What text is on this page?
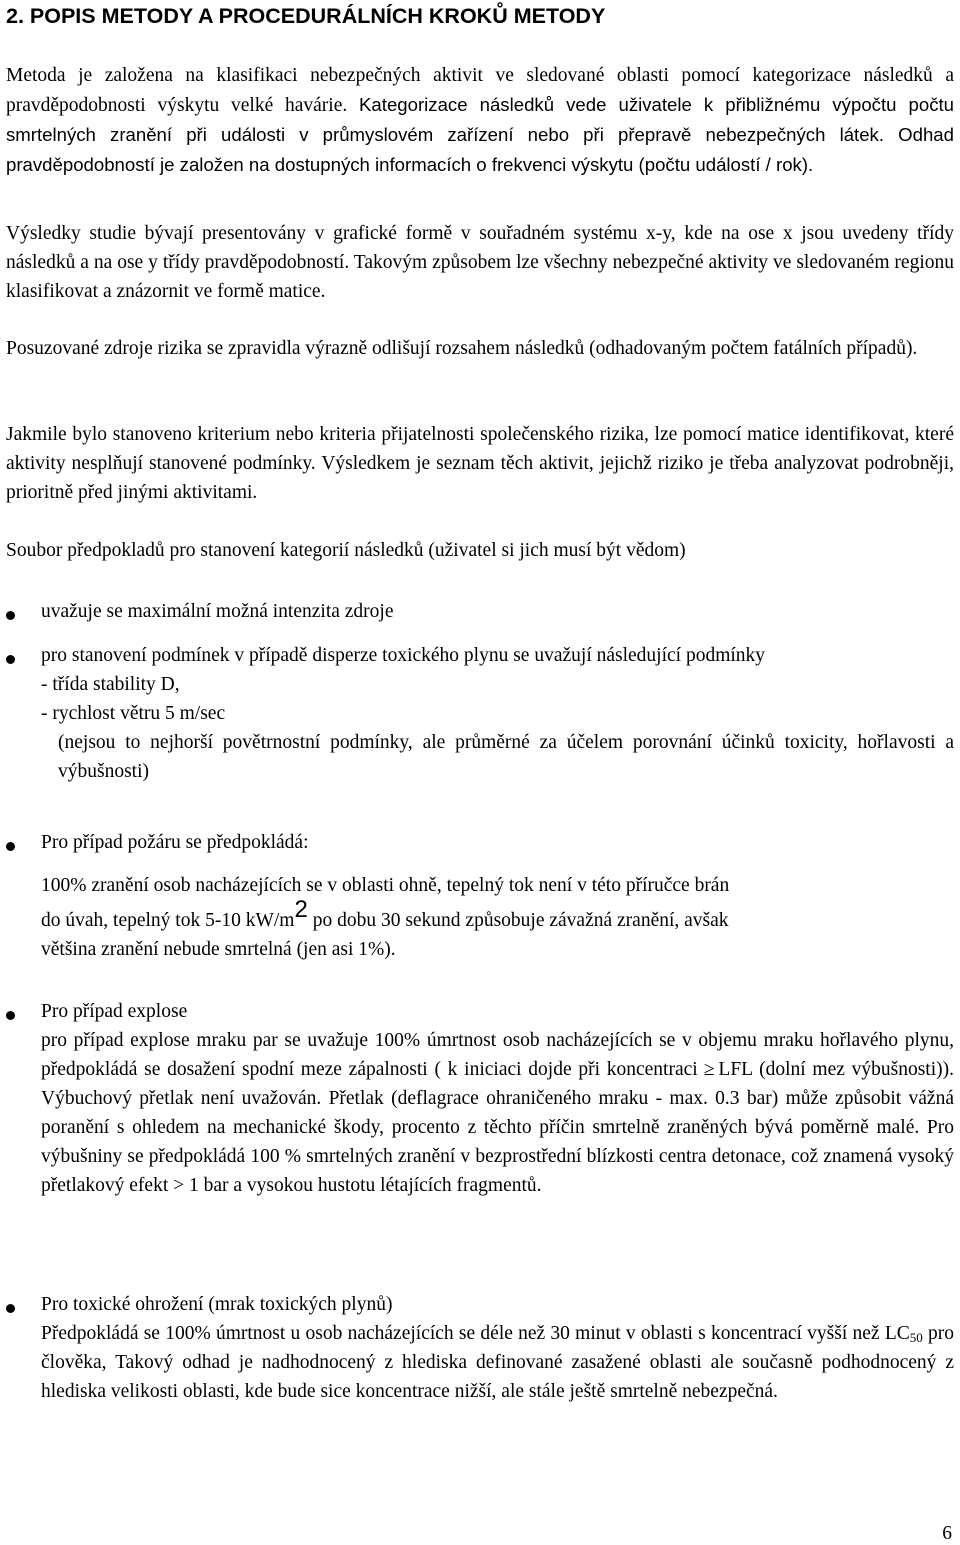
2. POPIS METODY A PROCEDURÁLNÍCH KROKŮ METODY

Metoda je založena na klasifikaci nebezpečných aktivit ve sledované oblasti pomocí kategorizace následků a pravděpodobnosti výskytu velké havárie. Kategorizace následků vede uživatele k přibližnému výpočtu počtu smrtelných zranění při události v průmyslovém zařízení nebo při přepravě nebezpečných látek. Odhad pravděpodobností je založen na dostupných informacích o frekvenci výskytu (počtu událostí / rok).

Výsledky studie bývají presentovány v grafické formě v souřadném systému x-y, kde na ose x jsou uvedeny třídy následků a na ose y třídy pravděpodobností. Takovým způsobem lze všechny nebezpečné aktivity ve sledovaném regionu klasifikovat a znázornit ve formě matice.

Posuzované zdroje rizika se zpravidla výrazně odlišují rozsahem následků (odhadovaným počtem fatálních případů).

Jakmile bylo stanoveno kriterium nebo kriteria přijatelnosti společenského rizika, lze pomocí matice identifikovat, které aktivity nesplňují stanovené podmínky. Výsledkem je seznam těch aktivit, jejichž riziko je třeba analyzovat podrobněji, prioritně před jinými aktivitami.

Soubor předpokladů pro stanovení kategorií následků (uživatel si jich musí být vědom)

uvažuje se maximální možná intenzita zdroje
pro stanovení podmínek v případě disperze toxického plynu se uvažují následující podmínky
- třída stability D,
- rychlost větru 5 m/sec
(nejsou to nejhorší povětrnostní podmínky, ale průměrné za účelem porovnání účinků toxicity, hořlavosti a výbušnosti)
Pro případ požáru se předpokládá:
100% zranění osob nacházejících se v oblasti ohně, tepelný tok není v této příručce brán
do úvah, tepelný tok 5-10 kW/m2 po dobu 30 sekund způsobuje závažná zranění, avšak
většina zranění nebude smrtelná (jen asi 1%).
Pro případ explose
pro případ explose mraku par se uvažuje 100% úmrtnost osob nacházejících se v objemu mraku hořlavého plynu, předpokládá se dosažení spodní meze zápalnosti ( k iniciaci dojde při koncentraci ≥ LFL (dolní mez výbušnosti)). Výbuchový přetlak není uvažován. Přetlak (deflagrace ohraničeného mraku - max. 0.3 bar) může způsobit vážná poranění s ohledem na mechanické škody, procento z těchto příčin smrtelně zraněných bývá poměrně malé. Pro výbušniny se předpokládá 100 % smrtelných zranění v bezprostřední blízkosti centra detonace, což znamená vysoký přetlakový efekt > 1 bar a vysokou hustotu létajících fragmentů.
Pro toxické ohrožení (mrak toxických plynů)
Předpokládá se 100% úmrtnost u osob nacházejících se déle než 30 minut v oblasti s koncentrací vyšší než LC50 pro člověka, Takový odhad je nadhodnocený z hlediska definované zasažené oblasti ale současně podhodnocený z hlediska velikosti oblasti, kde bude sice koncentrace nižší, ale stále ještě smrtelně nebezpečná.
6
